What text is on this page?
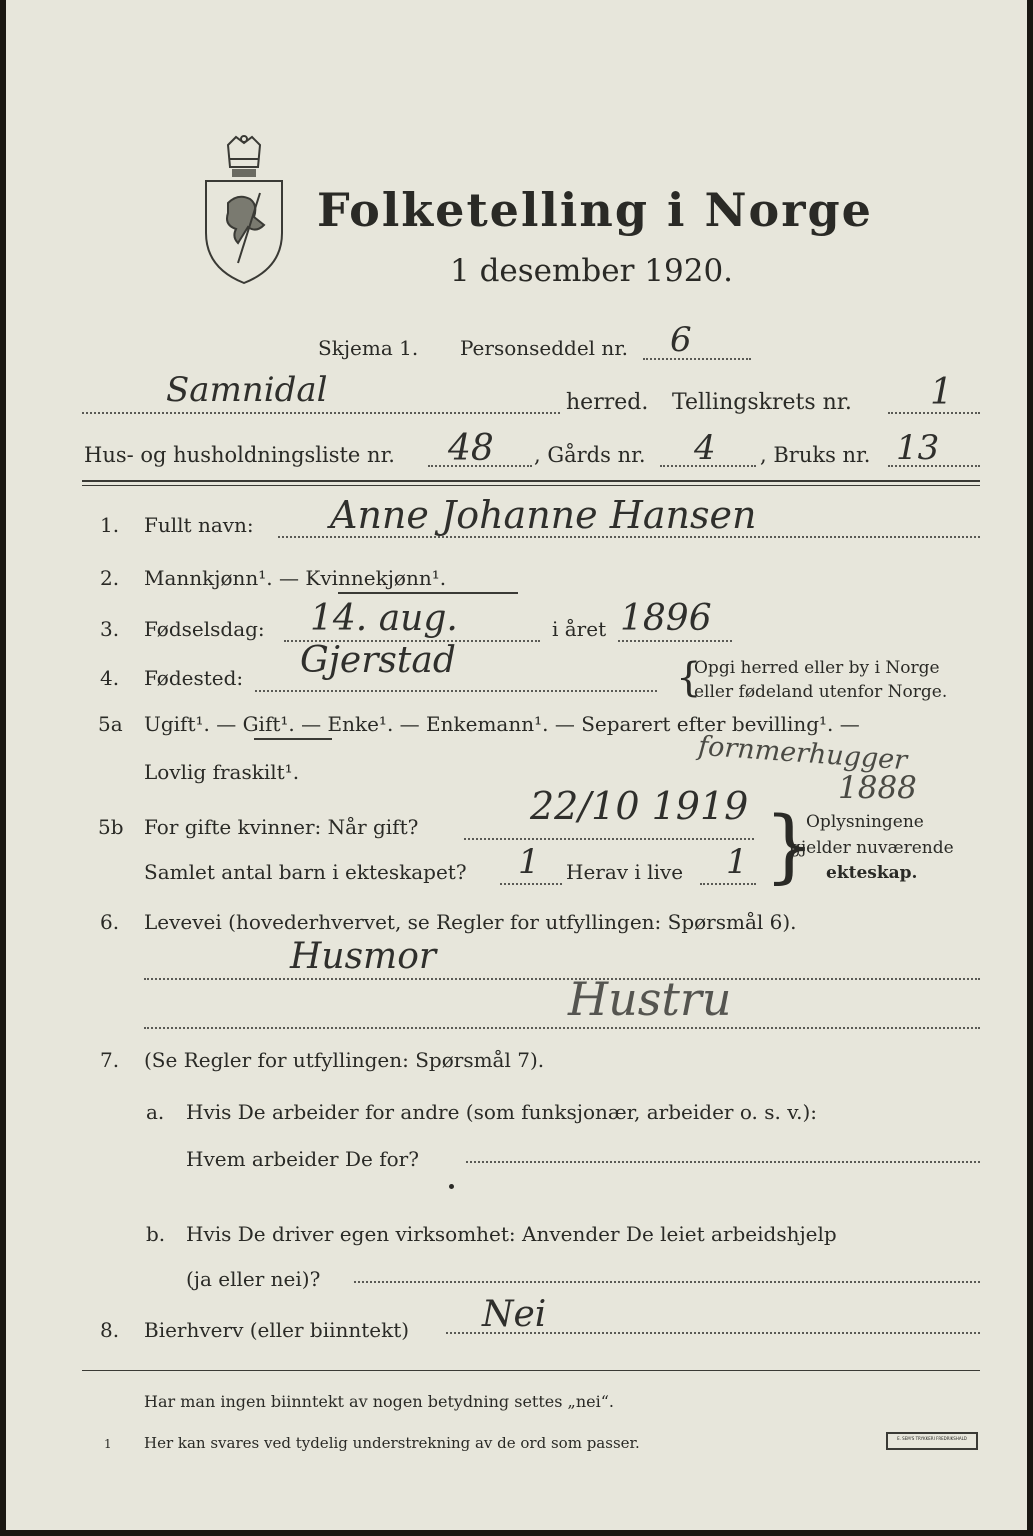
Folketelling i Norge
1 desember 1920.
Skjema 1. Personseddel nr. 6
Samnidal	herred. Tellingskrets nr. 1
Hus- og husholdningsliste nr. 48 , Gårds nr. 4 , Bruks nr. 13
1. Fullt navn: Anne Johanne Hansen
2. Mannkjønn¹. — Kvinnekjønn¹.
3. Fødselsdag: 14. aug.	i året 1896
4. Fødested: Gjerstad	{
Opgi herred eller by i Norge
eller fødeland utenfor Norge.
5a Ugift¹. — Gift¹. — Enke¹. — Enkemann¹. — Separert efter bevilling¹. —
Lovlig fraskilt¹.	fornmerhugger
1888
5b For gifte kvinner: Når gift?	22/10 1919
Samlet antal barn i ekteskapet? 1 Herav i live 1 }
Oplysningene
gjelder nuværende
ekteskap.
6. Levevei (hovederhvervet, se Regler for utfyllingen: Spørsmål 6).
Husmor
Hustru
7. (Se Regler for utfyllingen: Spørsmål 7).
a. Hvis De arbeider for andre (som funksjonær, arbeider o. s. v.):
Hvem arbeider De for?
b. Hvis De driver egen virksomhet: Anvender De leiet arbeidshjelp
(ja eller nei)?
8. Bierhverv (eller biinntekt) Nei
Har man ingen biinntekt av nogen betydning settes „nei“.
1 Her kan svares ved tydelig understrekning av de ord som passer.	E. SEM'S TRYKKERI FREDRIKSHALD
